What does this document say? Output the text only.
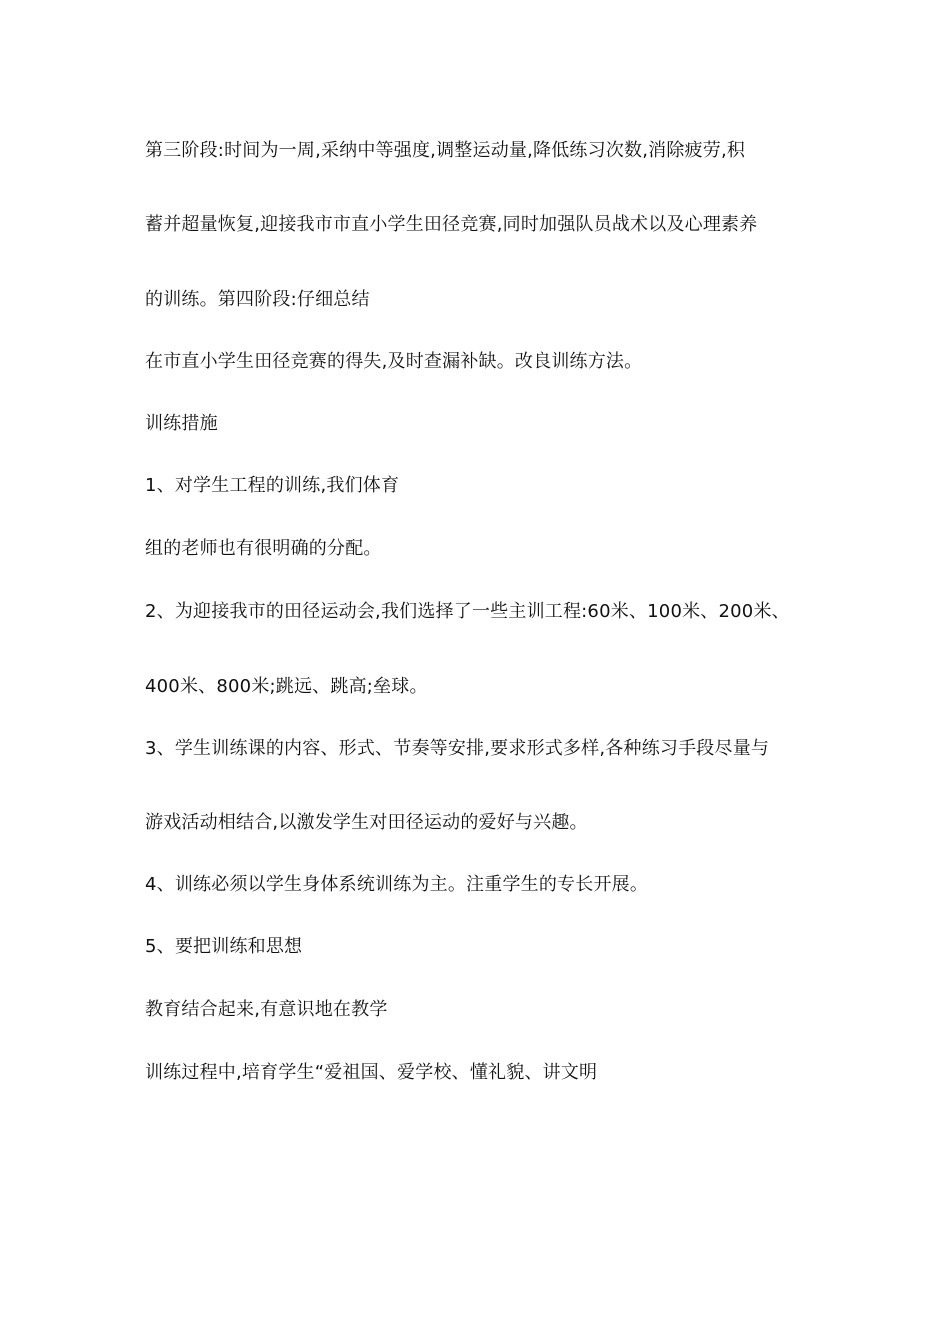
第三阶段:时间为一周,采纳中等强度,调整运动量,降低练习次数,消除疲劳,积
蓄并超量恢复,迎接我市市直小学生田径竞赛,同时加强队员战术以及心理素养
的训练。第四阶段:仔细总结
在市直小学生田径竞赛的得失,及时查漏补缺。改良训练方法。
训练措施
1、对学生工程的训练,我们体育
组的老师也有很明确的分配。
2、为迎接我市的田径运动会,我们选择了一些主训工程:60米、100米、200米、
400米、800米;跳远、跳高;垒球。
3、学生训练课的内容、形式、节奏等安排,要求形式多样,各种练习手段尽量与
游戏活动相结合,以激发学生对田径运动的爱好与兴趣。
4、训练必须以学生身体系统训练为主。注重学生的专长开展。
5、要把训练和思想
教育结合起来,有意识地在教学
训练过程中,培育学生“爱祖国、爱学校、懂礼貌、讲文明
